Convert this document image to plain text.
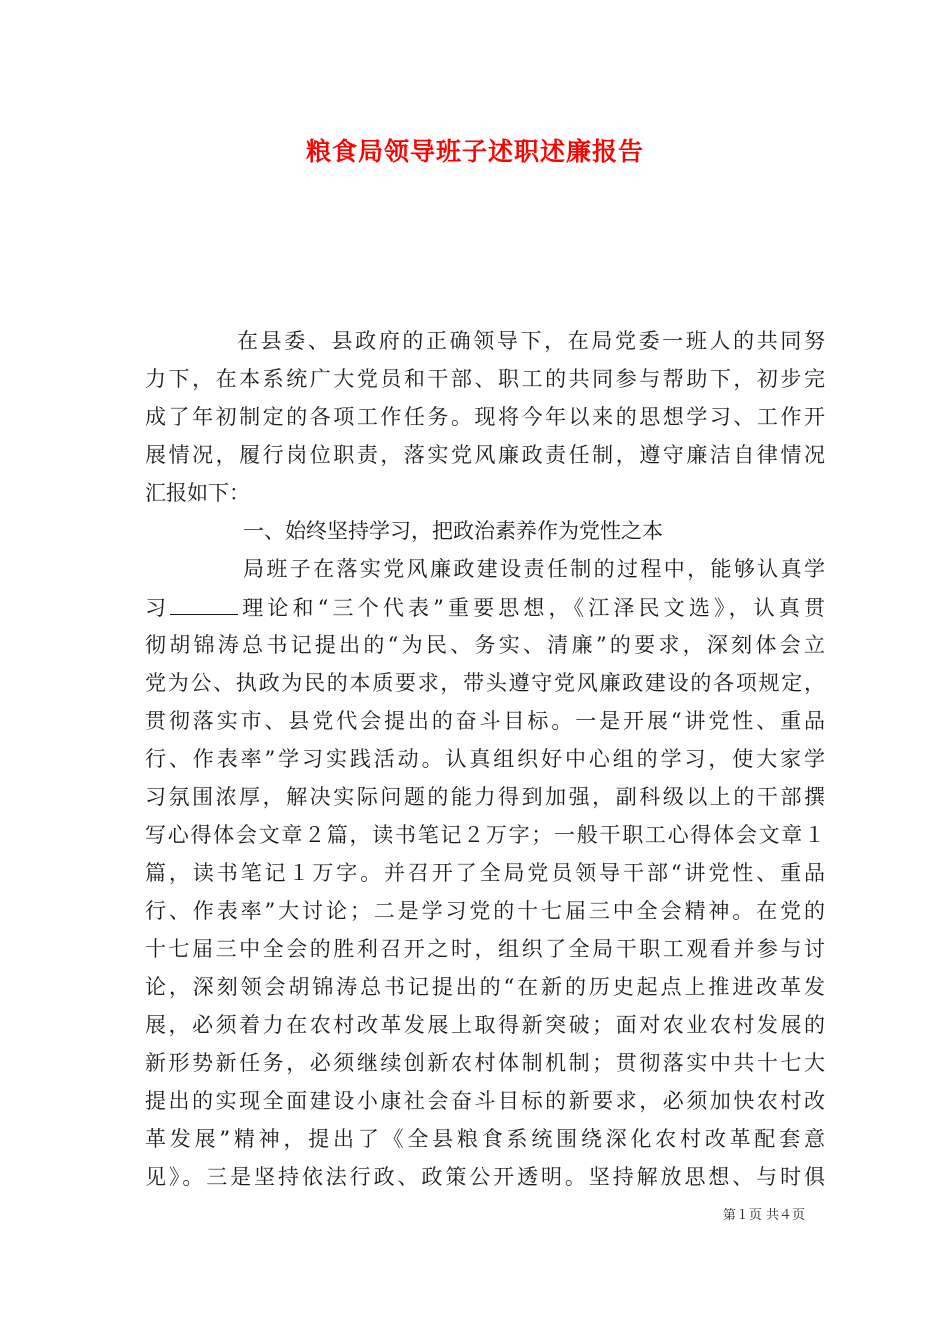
粮食局领导班子述职述廉报告
在县委、县政府的正确领导下，在局党委一班人的共同努
力下，在本系统广大党员和干部、职工的共同参与帮助下，初步完
成了年初制定的各项工作任务。现将今年以来的思想学习、工作开
展情况，履行岗位职责，落实党风廉政责任制，遵守廉洁自律情况
汇报如下：
一、始终坚持学习，把政治素养作为党性之本
局班子在落实党风廉政建设责任制的过程中，能够认真学
习	理论和“三个代表”重要思想，《江泽民文选》，认真贯
彻胡锦涛总书记提出的“为民、务实、清廉”的要求，深刻体会立
党为公、执政为民的本质要求，带头遵守党风廉政建设的各项规定，
贯彻落实市、县党代会提出的奋斗目标。一是开展“讲党性、重品
行、作表率”学习实践活动。认真组织好中心组的学习，使大家学
习氛围浓厚，解决实际问题的能力得到加强，副科级以上的干部撰
写心得体会文章２篇，读书笔记２万字；一般干职工心得体会文章１
篇，读书笔记１万字。并召开了全局党员领导干部“讲党性、重品
行、作表率”大讨论；二是学习党的十七届三中全会精神。在党的
十七届三中全会的胜利召开之时，组织了全局干职工观看并参与讨
论，深刻领会胡锦涛总书记提出的“在新的历史起点上推进改革发
展，必须着力在农村改革发展上取得新突破；面对农业农村发展的
新形势新任务，必须继续创新农村体制机制；贯彻落实中共十七大
提出的实现全面建设小康社会奋斗目标的新要求，必须加快农村改
革发展”精神，提出了《全县粮食系统围绕深化农村改革配套意
见》。三是坚持依法行政、政策公开透明。坚持解放思想、与时俱
第１页 共４页
